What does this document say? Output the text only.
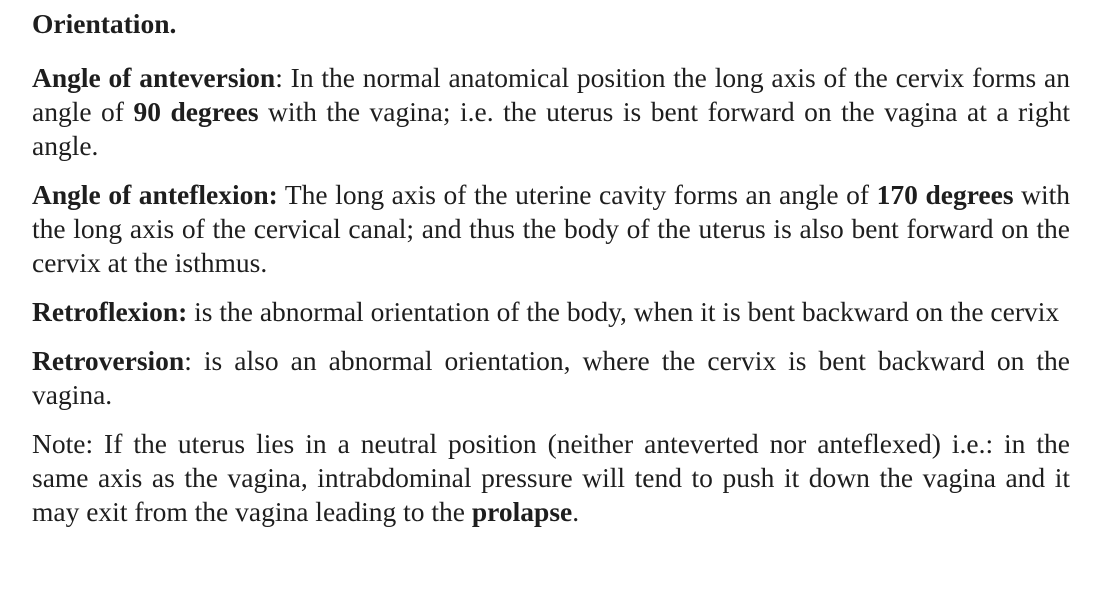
Orientation.

Angle of anteversion: In the normal anatomical position the long axis of the cervix forms an angle of 90 degrees with the vagina; i.e. the uterus is bent forward on the vagina at a right angle.

Angle of anteflexion: The long axis of the uterine cavity forms an angle of 170 degrees with the long axis of the cervical canal; and thus the body of the uterus is also bent forward on the cervix at the isthmus.

Retroflexion: is the abnormal orientation of the body, when it is bent backward on the cervix

Retroversion: is also an abnormal orientation, where the cervix is bent backward on the vagina.

Note: If the uterus lies in a neutral position (neither anteverted nor anteflexed) i.e.: in the same axis as the vagina, intrabdominal pressure will tend to push it down the vagina and it may exit from the vagina leading to the prolapse.
